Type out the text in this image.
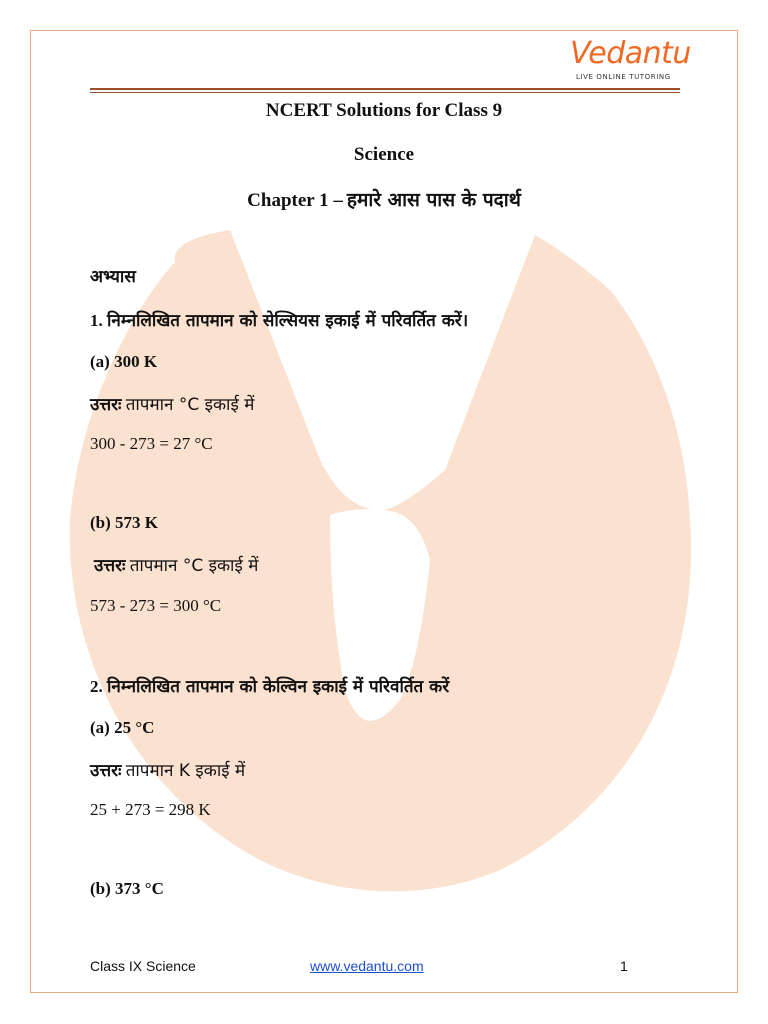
Vedantu
LIVE ONLINE TUTORING
NCERT Solutions for Class 9
Science
Chapter 1 – हमारे आस पास के पदार्थ
अभ्यास
1. निम्नलिखित तापमान को सेल्सियस इकाई में परिवर्तित करें।
(a) 300 K
उत्तरः तापमान °C इकाई में
300 - 273 = 27 °C
(b) 573 K
उत्तरः तापमान °C इकाई में
573 - 273 = 300 °C
2. निम्नलिखित तापमान को केल्विन इकाई में परिवर्तित करें
(a) 25 °C
उत्तरः तापमान K इकाई में
25 + 273 = 298 K
(b) 373 °C
Class IX Science	www.vedantu.com	1
